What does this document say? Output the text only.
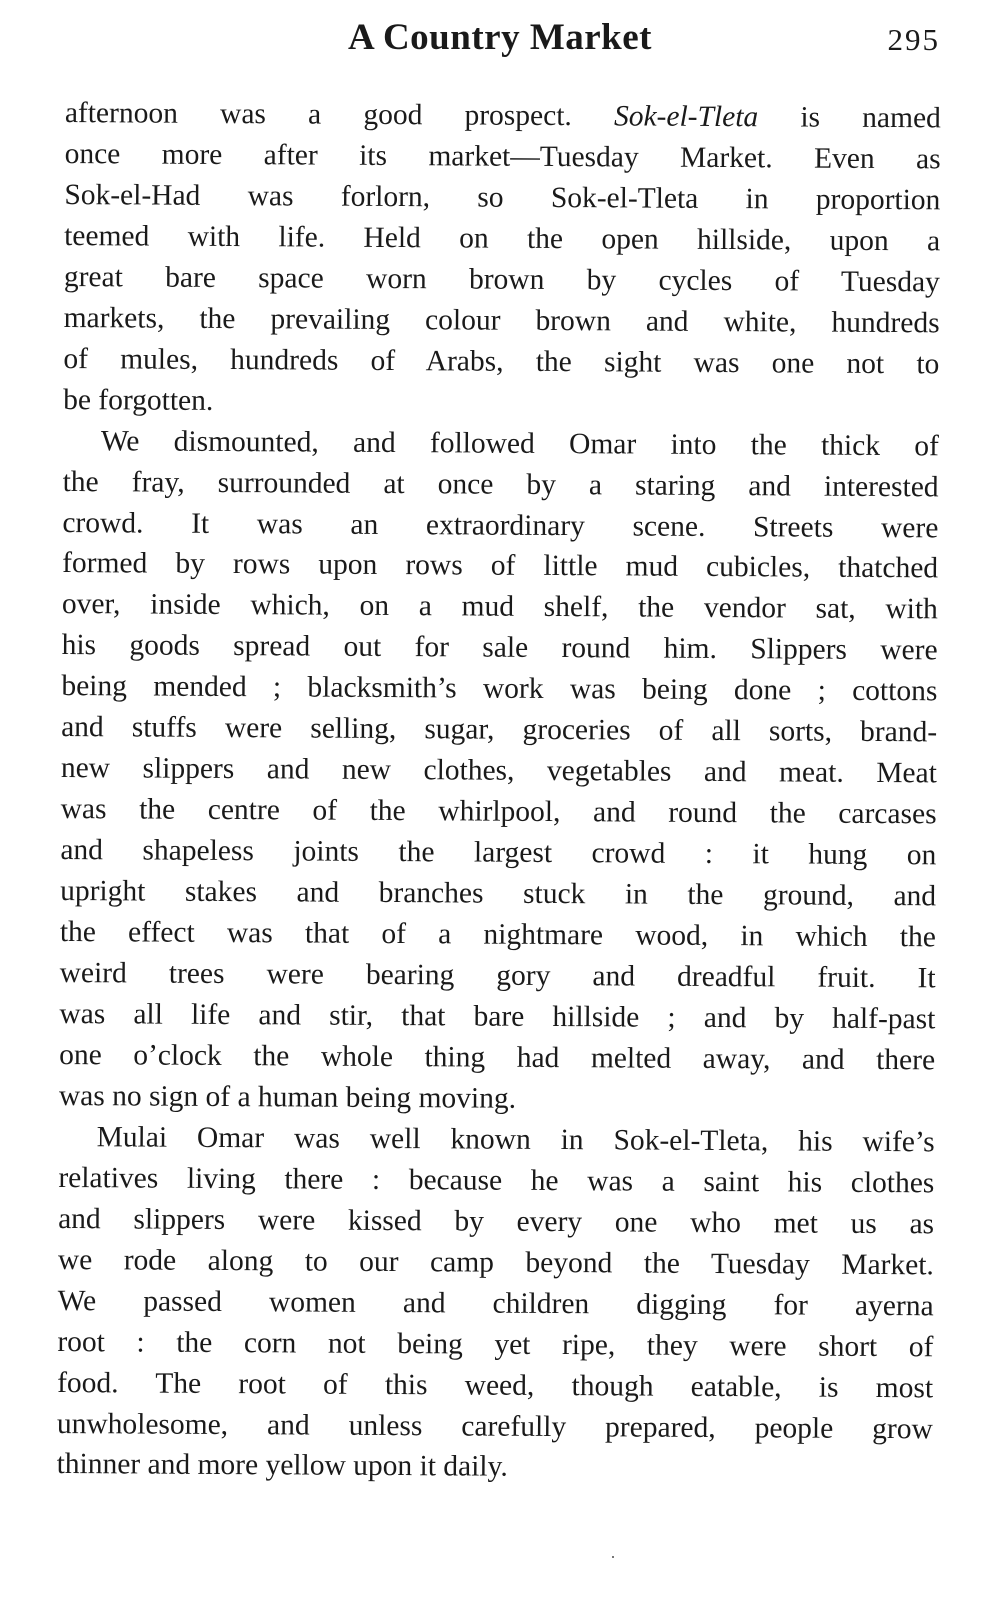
A Country Market	295

afternoon was a good prospect. Sok-el-Tleta is named
once more after its market—Tuesday Market. Even as
Sok-el-Had was forlorn, so Sok-el-Tleta in proportion
teemed with life. Held on the open hillside, upon a
great bare space worn brown by cycles of Tuesday
markets, the prevailing colour brown and white, hundreds
of mules, hundreds of Arabs, the sight was one not to
be forgotten.

We dismounted, and followed Omar into the thick of
the fray, surrounded at once by a staring and interested
crowd. It was an extraordinary scene. Streets were
formed by rows upon rows of little mud cubicles, thatched
over, inside which, on a mud shelf, the vendor sat, with
his goods spread out for sale round him. Slippers were
being mended ; blacksmith’s work was being done ; cottons
and stuffs were selling, sugar, groceries of all sorts, brand-
new slippers and new clothes, vegetables and meat. Meat
was the centre of the whirlpool, and round the carcases
and shapeless joints the largest crowd : it hung on
upright stakes and branches stuck in the ground, and
the effect was that of a nightmare wood, in which the
weird trees were bearing gory and dreadful fruit. It
was all life and stir, that bare hillside ; and by half-past
one o’clock the whole thing had melted away, and there
was no sign of a human being moving.

Mulai Omar was well known in Sok-el-Tleta, his wife’s
relatives living there : because he was a saint his clothes
and slippers were kissed by every one who met us as
we rode along to our camp beyond the Tuesday Market.
We passed women and children digging for ayerna
root : the corn not being yet ripe, they were short of
food. The root of this weed, though eatable, is most
unwholesome, and unless carefully prepared, people grow
thinner and more yellow upon it daily.
